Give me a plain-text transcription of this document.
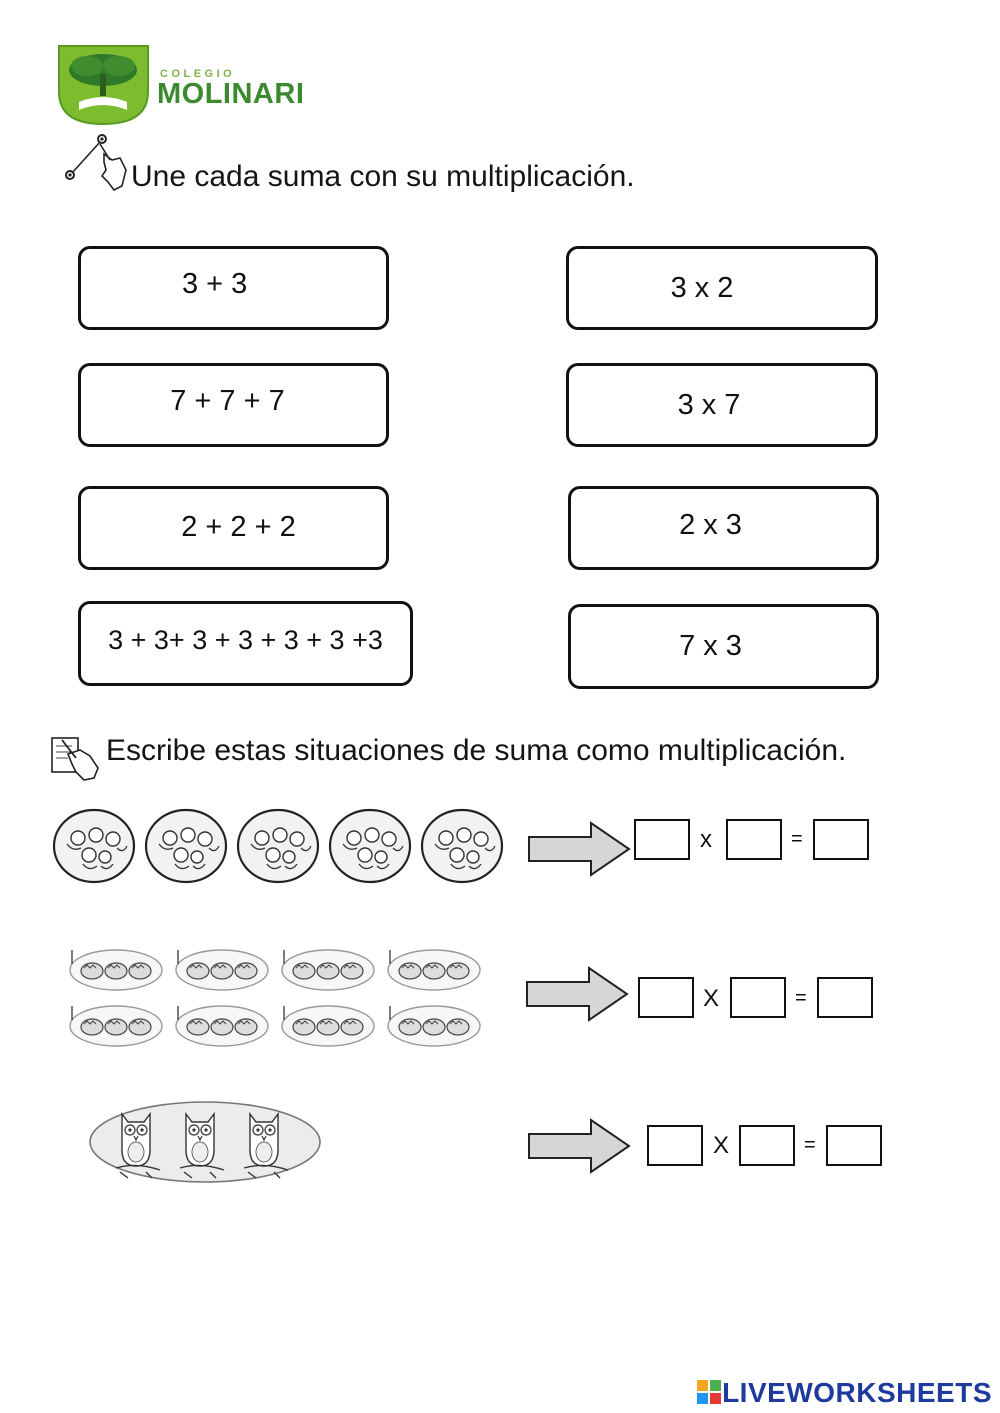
COLEGIO
MOLINARI
Une cada suma con su multiplicación.
3 + 3
7 + 7 + 7
2 + 2 + 2
3 + 3+ 3 + 3 + 3 + 3 +3
3 x 2
3 x 7
2 x 3
7 x 3
Escribe estas situaciones de suma como multiplicación.
x	=
X	=
X	=
LIVEWORKSHEETS
